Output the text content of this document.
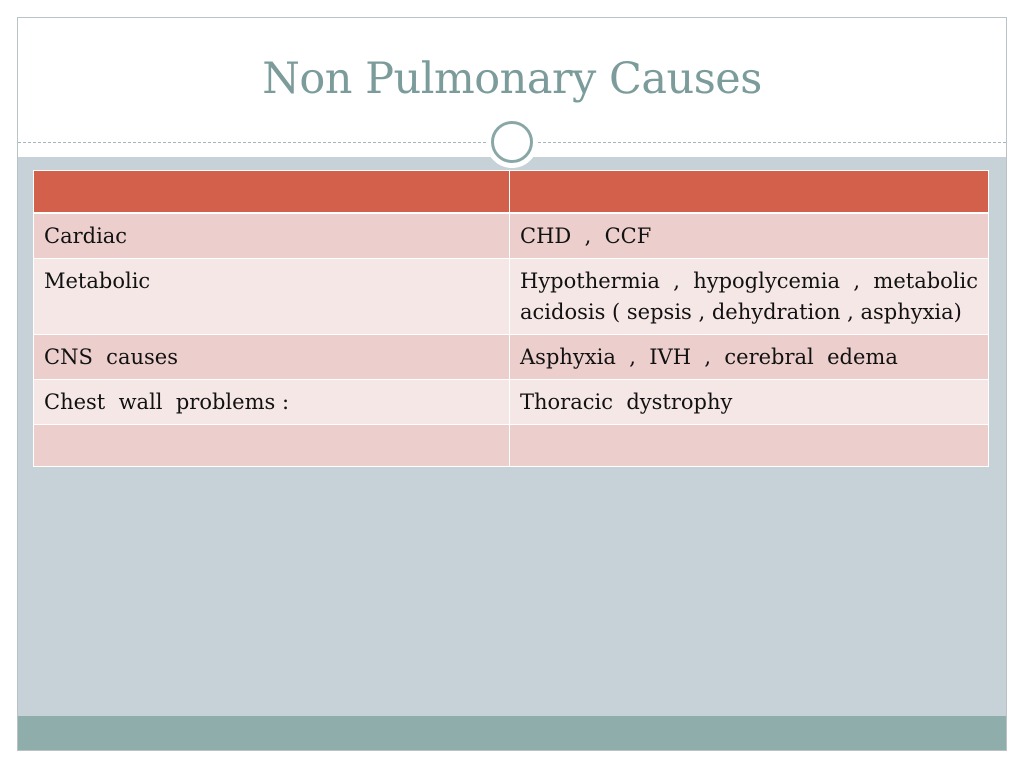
Non Pulmonary Causes

Cardiac	CHD  ,  CCF
Metabolic	Hypothermia , hypoglycemia , metabolic acidosis ( sepsis , dehydration , asphyxia)
CNS  causes	Asphyxia  ,  IVH  ,  cerebral  edema
Chest  wall  problems :	Thoracic  dystrophy
